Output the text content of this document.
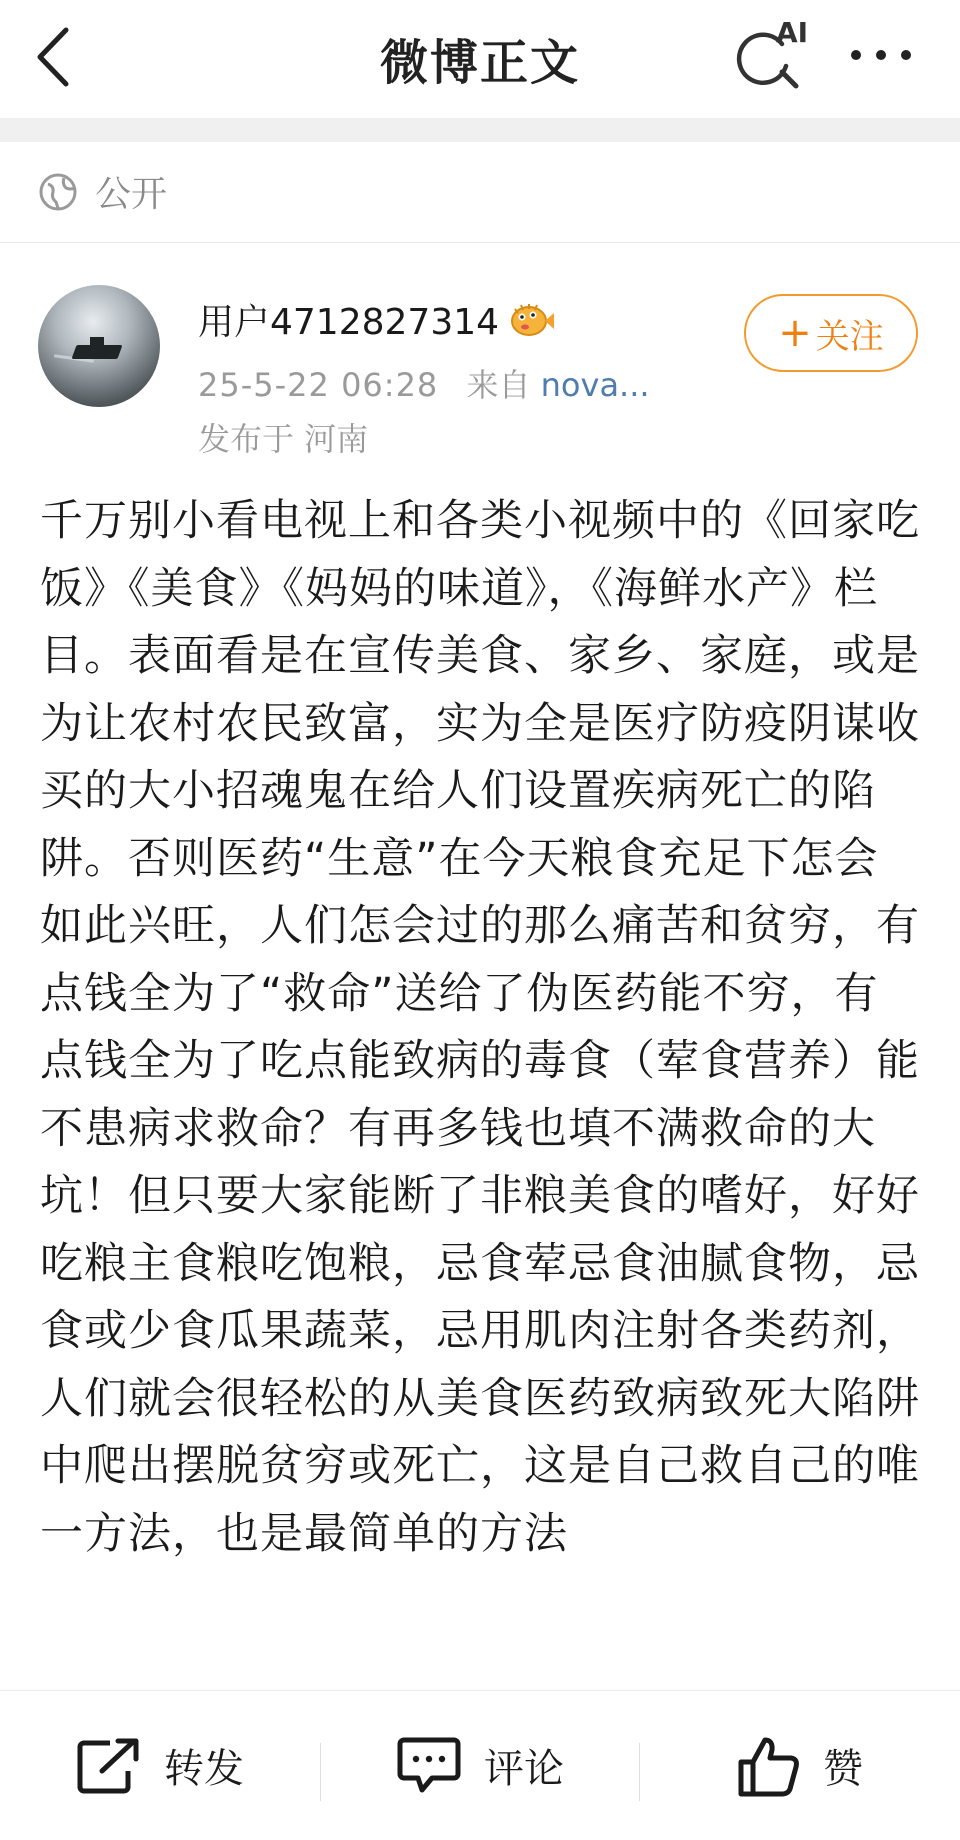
微博正文
AI
公开
用户4712827314
25-5-22 06:28 来自 nova...
发布于 河南
+ 关注
千万别小看电视上和各类小视频中的《回家吃饭》《美食》《妈妈的味道》，《海鲜水产》栏目。表面看是在宣传美食、家乡、家庭，或是为让农村农民致富，实为全是医疗防疫阴谋收买的大小招魂鬼在给人们设置疾病死亡的陷阱。否则医药“生意”在今天粮食充足下怎会如此兴旺，人们怎会过的那么痛苦和贫穷，有点钱全为了“救命”送给了伪医药能不穷，有点钱全为了吃点能致病的毒食（荤食营养）能不患病求救命？有再多钱也填不满救命的大坑！但只要大家能断了非粮美食的嗜好，好好吃粮主食粮吃饱粮，忌食荤忌食油腻食物，忌食或少食瓜果蔬菜，忌用肌肉注射各类药剂，人们就会很轻松的从美食医药致病致死大陷阱中爬出摆脱贫穷或死亡，这是自己救自己的唯一方法，也是最简单的方法
转发	评论	赞
